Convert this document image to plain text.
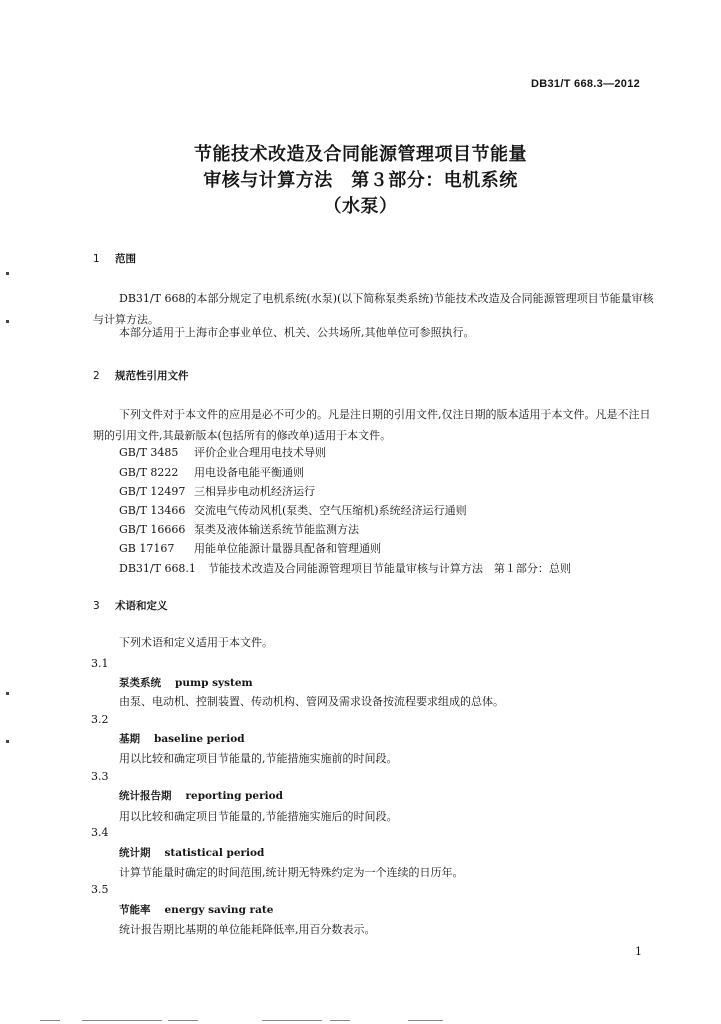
DB31/T 668.3—2012
节能技术改造及合同能源管理项目节能量
审核与计算方法　第３部分：电机系统
（水泵）
1 范围
DB31/T 668的本部分规定了电机系统(水泵)(以下简称泵类系统)节能技术改造及合同能源管理项目节能量审核与计算方法。
本部分适用于上海市企事业单位、机关、公共场所,其他单位可参照执行。
2 规范性引用文件
下列文件对于本文件的应用是必不可少的。凡是注日期的引用文件,仅注日期的版本适用于本文件。凡是不注日期的引用文件,其最新版本(包括所有的修改单)适用于本文件。
GB/T 3485 评价企业合理用电技术导则
GB/T 8222 用电设备电能平衡通则
GB/T 12497 三相异步电动机经济运行
GB/T 13466 交流电气传动风机(泵类、空气压缩机)系统经济运行通则
GB/T 16666 泵类及液体输送系统节能监测方法
GB 17167 用能单位能源计量器具配备和管理通则
DB31/T 668.1 节能技术改造及合同能源管理项目节能量审核与计算方法　第１部分：总则
3 术语和定义
下列术语和定义适用于本文件。
3.1
泵类系统 pump system
由泵、电动机、控制装置、传动机构、管网及需求设备按流程要求组成的总体。
3.2
基期 baseline period
用以比较和确定项目节能量的,节能措施实施前的时间段。
3.3
统计报告期 reporting period
用以比较和确定项目节能量的,节能措施实施后的时间段。
3.4
统计期 statistical period
计算节能量时确定的时间范围,统计期无特殊约定为一个连续的日历年。
3.5
节能率 energy saving rate
统计报告期比基期的单位能耗降低率,用百分数表示。
1
